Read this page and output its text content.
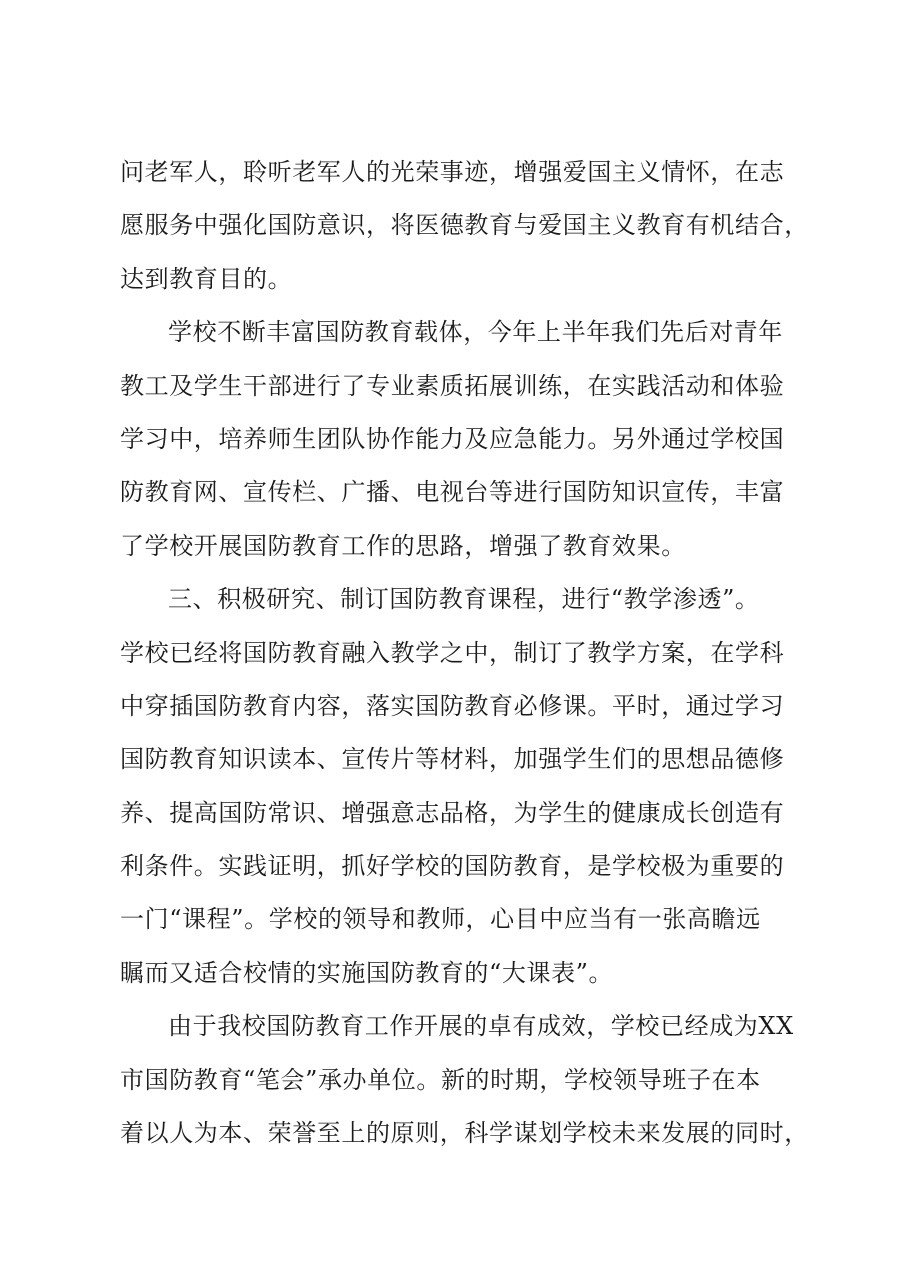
问老军人，聆听老军人的光荣事迹，增强爱国主义情怀，在志
愿服务中强化国防意识，将医德教育与爱国主义教育有机结合，
达到教育目的。
学校不断丰富国防教育载体，今年上半年我们先后对青年
教工及学生干部进行了专业素质拓展训练，在实践活动和体验
学习中，培养师生团队协作能力及应急能力。另外通过学校国
防教育网、宣传栏、广播、电视台等进行国防知识宣传，丰富
了学校开展国防教育工作的思路，增强了教育效果。
三、积极研究、制订国防教育课程，进行“教学渗透”。
学校已经将国防教育融入教学之中，制订了教学方案，在学科
中穿插国防教育内容，落实国防教育必修课。平时，通过学习
国防教育知识读本、宣传片等材料，加强学生们的思想品德修
养、提高国防常识、增强意志品格，为学生的健康成长创造有
利条件。实践证明，抓好学校的国防教育，是学校极为重要的
一门“课程”。学校的领导和教师，心目中应当有一张高瞻远
瞩而又适合校情的实施国防教育的“大课表”。
由于我校国防教育工作开展的卓有成效，学校已经成为XX
市国防教育“笔会”承办单位。新的时期，学校领导班子在本
着以人为本、荣誉至上的原则，科学谋划学校未来发展的同时，
